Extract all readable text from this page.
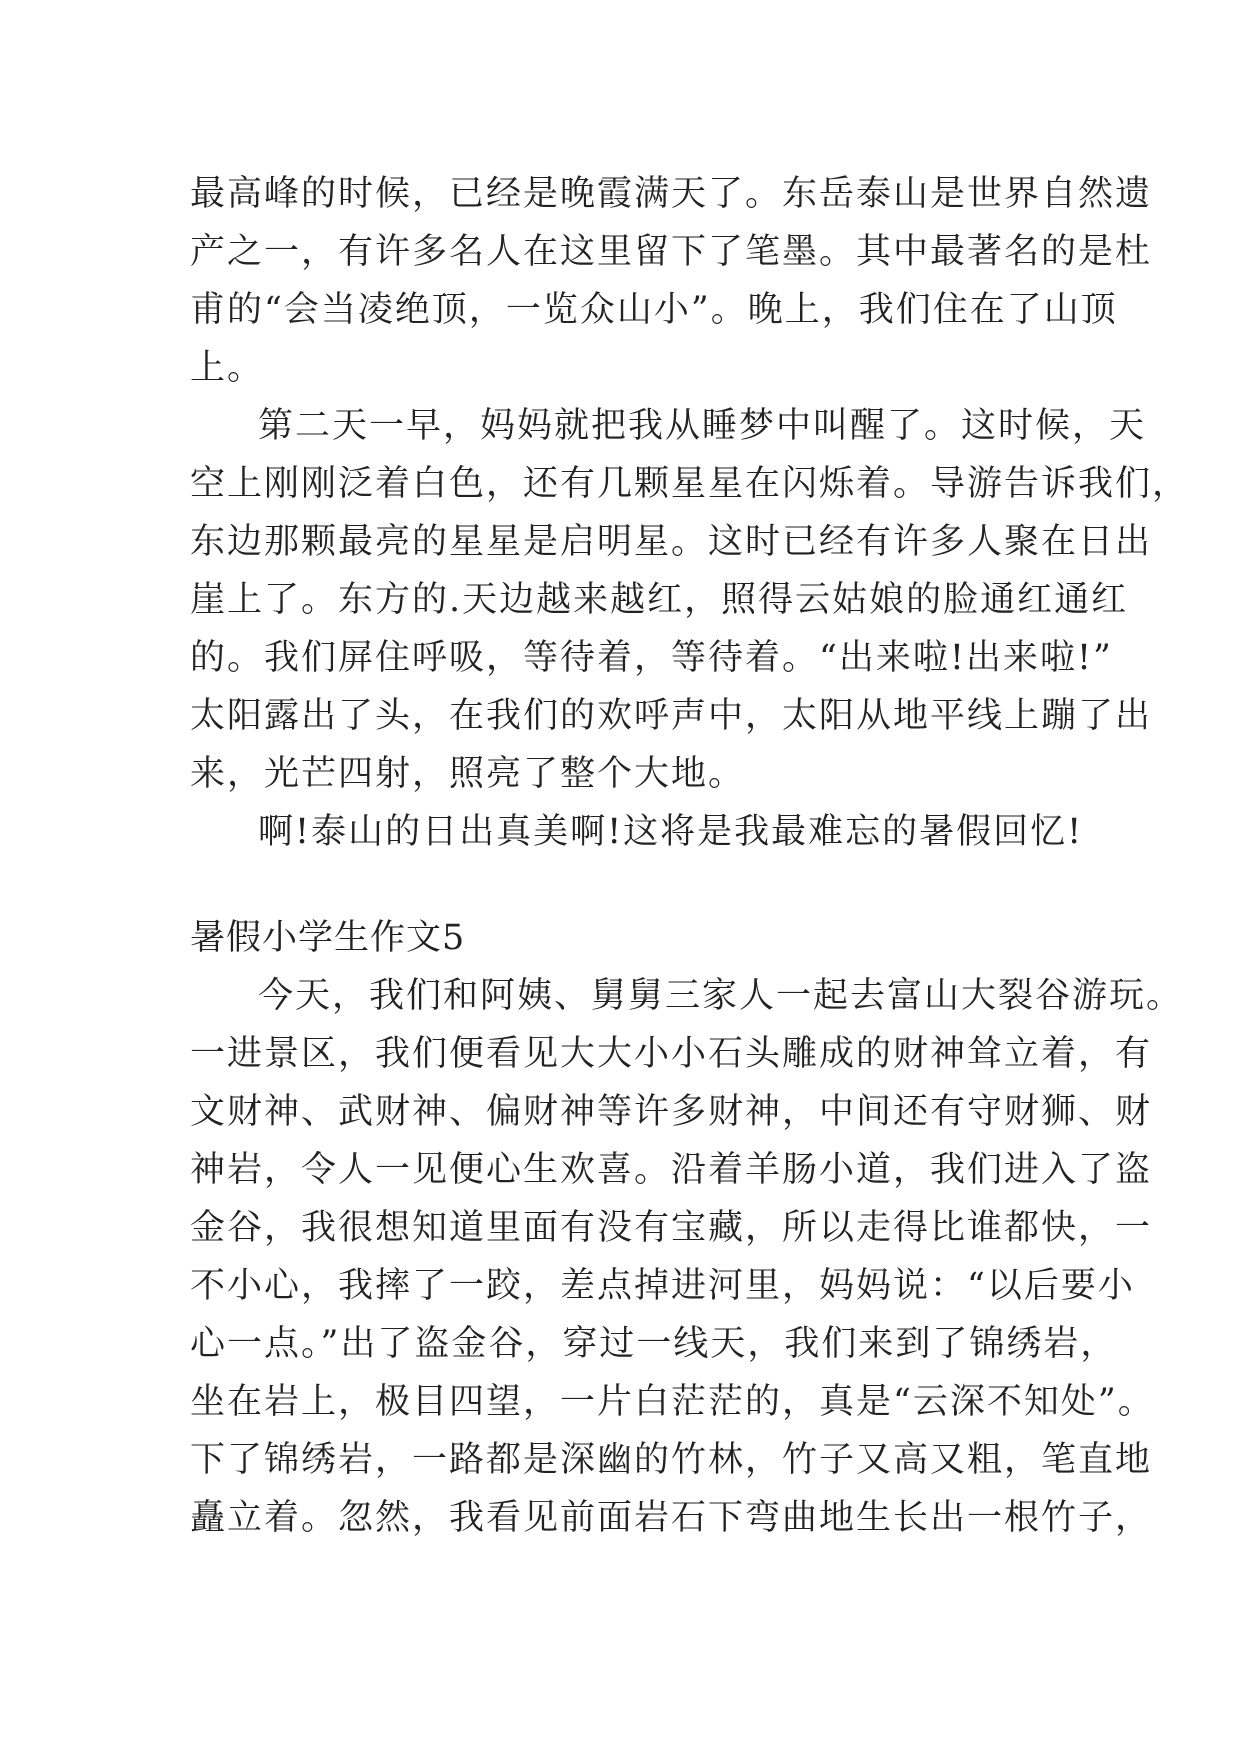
最高峰的时候，已经是晚霞满天了。东岳泰山是世界自然遗
产之一，有许多名人在这里留下了笔墨。其中最著名的是杜
甫的“会当凌绝顶，一览众山小”。晚上，我们住在了山顶
上。
第二天一早，妈妈就把我从睡梦中叫醒了。这时候，天
空上刚刚泛着白色，还有几颗星星在闪烁着。导游告诉我们，
东边那颗最亮的星星是启明星。这时已经有许多人聚在日出
崖上了。东方的.天边越来越红，照得云姑娘的脸通红通红
的。我们屏住呼吸，等待着，等待着。“出来啦!出来啦!”
太阳露出了头，在我们的欢呼声中，太阳从地平线上蹦了出
来，光芒四射，照亮了整个大地。
啊!泰山的日出真美啊!这将是我最难忘的暑假回忆!
暑假小学生作文5
今天，我们和阿姨、舅舅三家人一起去富山大裂谷游玩。
一进景区，我们便看见大大小小石头雕成的财神耸立着，有
文财神、武财神、偏财神等许多财神，中间还有守财狮、财
神岩，令人一见便心生欢喜。沿着羊肠小道，我们进入了盗
金谷，我很想知道里面有没有宝藏，所以走得比谁都快，一
不小心，我摔了一跤，差点掉进河里，妈妈说：“以后要小
心一点。”出了盗金谷，穿过一线天，我们来到了锦绣岩，
坐在岩上，极目四望，一片白茫茫的，真是“云深不知处”。
下了锦绣岩，一路都是深幽的竹林，竹子又高又粗，笔直地
矗立着。忽然，我看见前面岩石下弯曲地生长出一根竹子，
